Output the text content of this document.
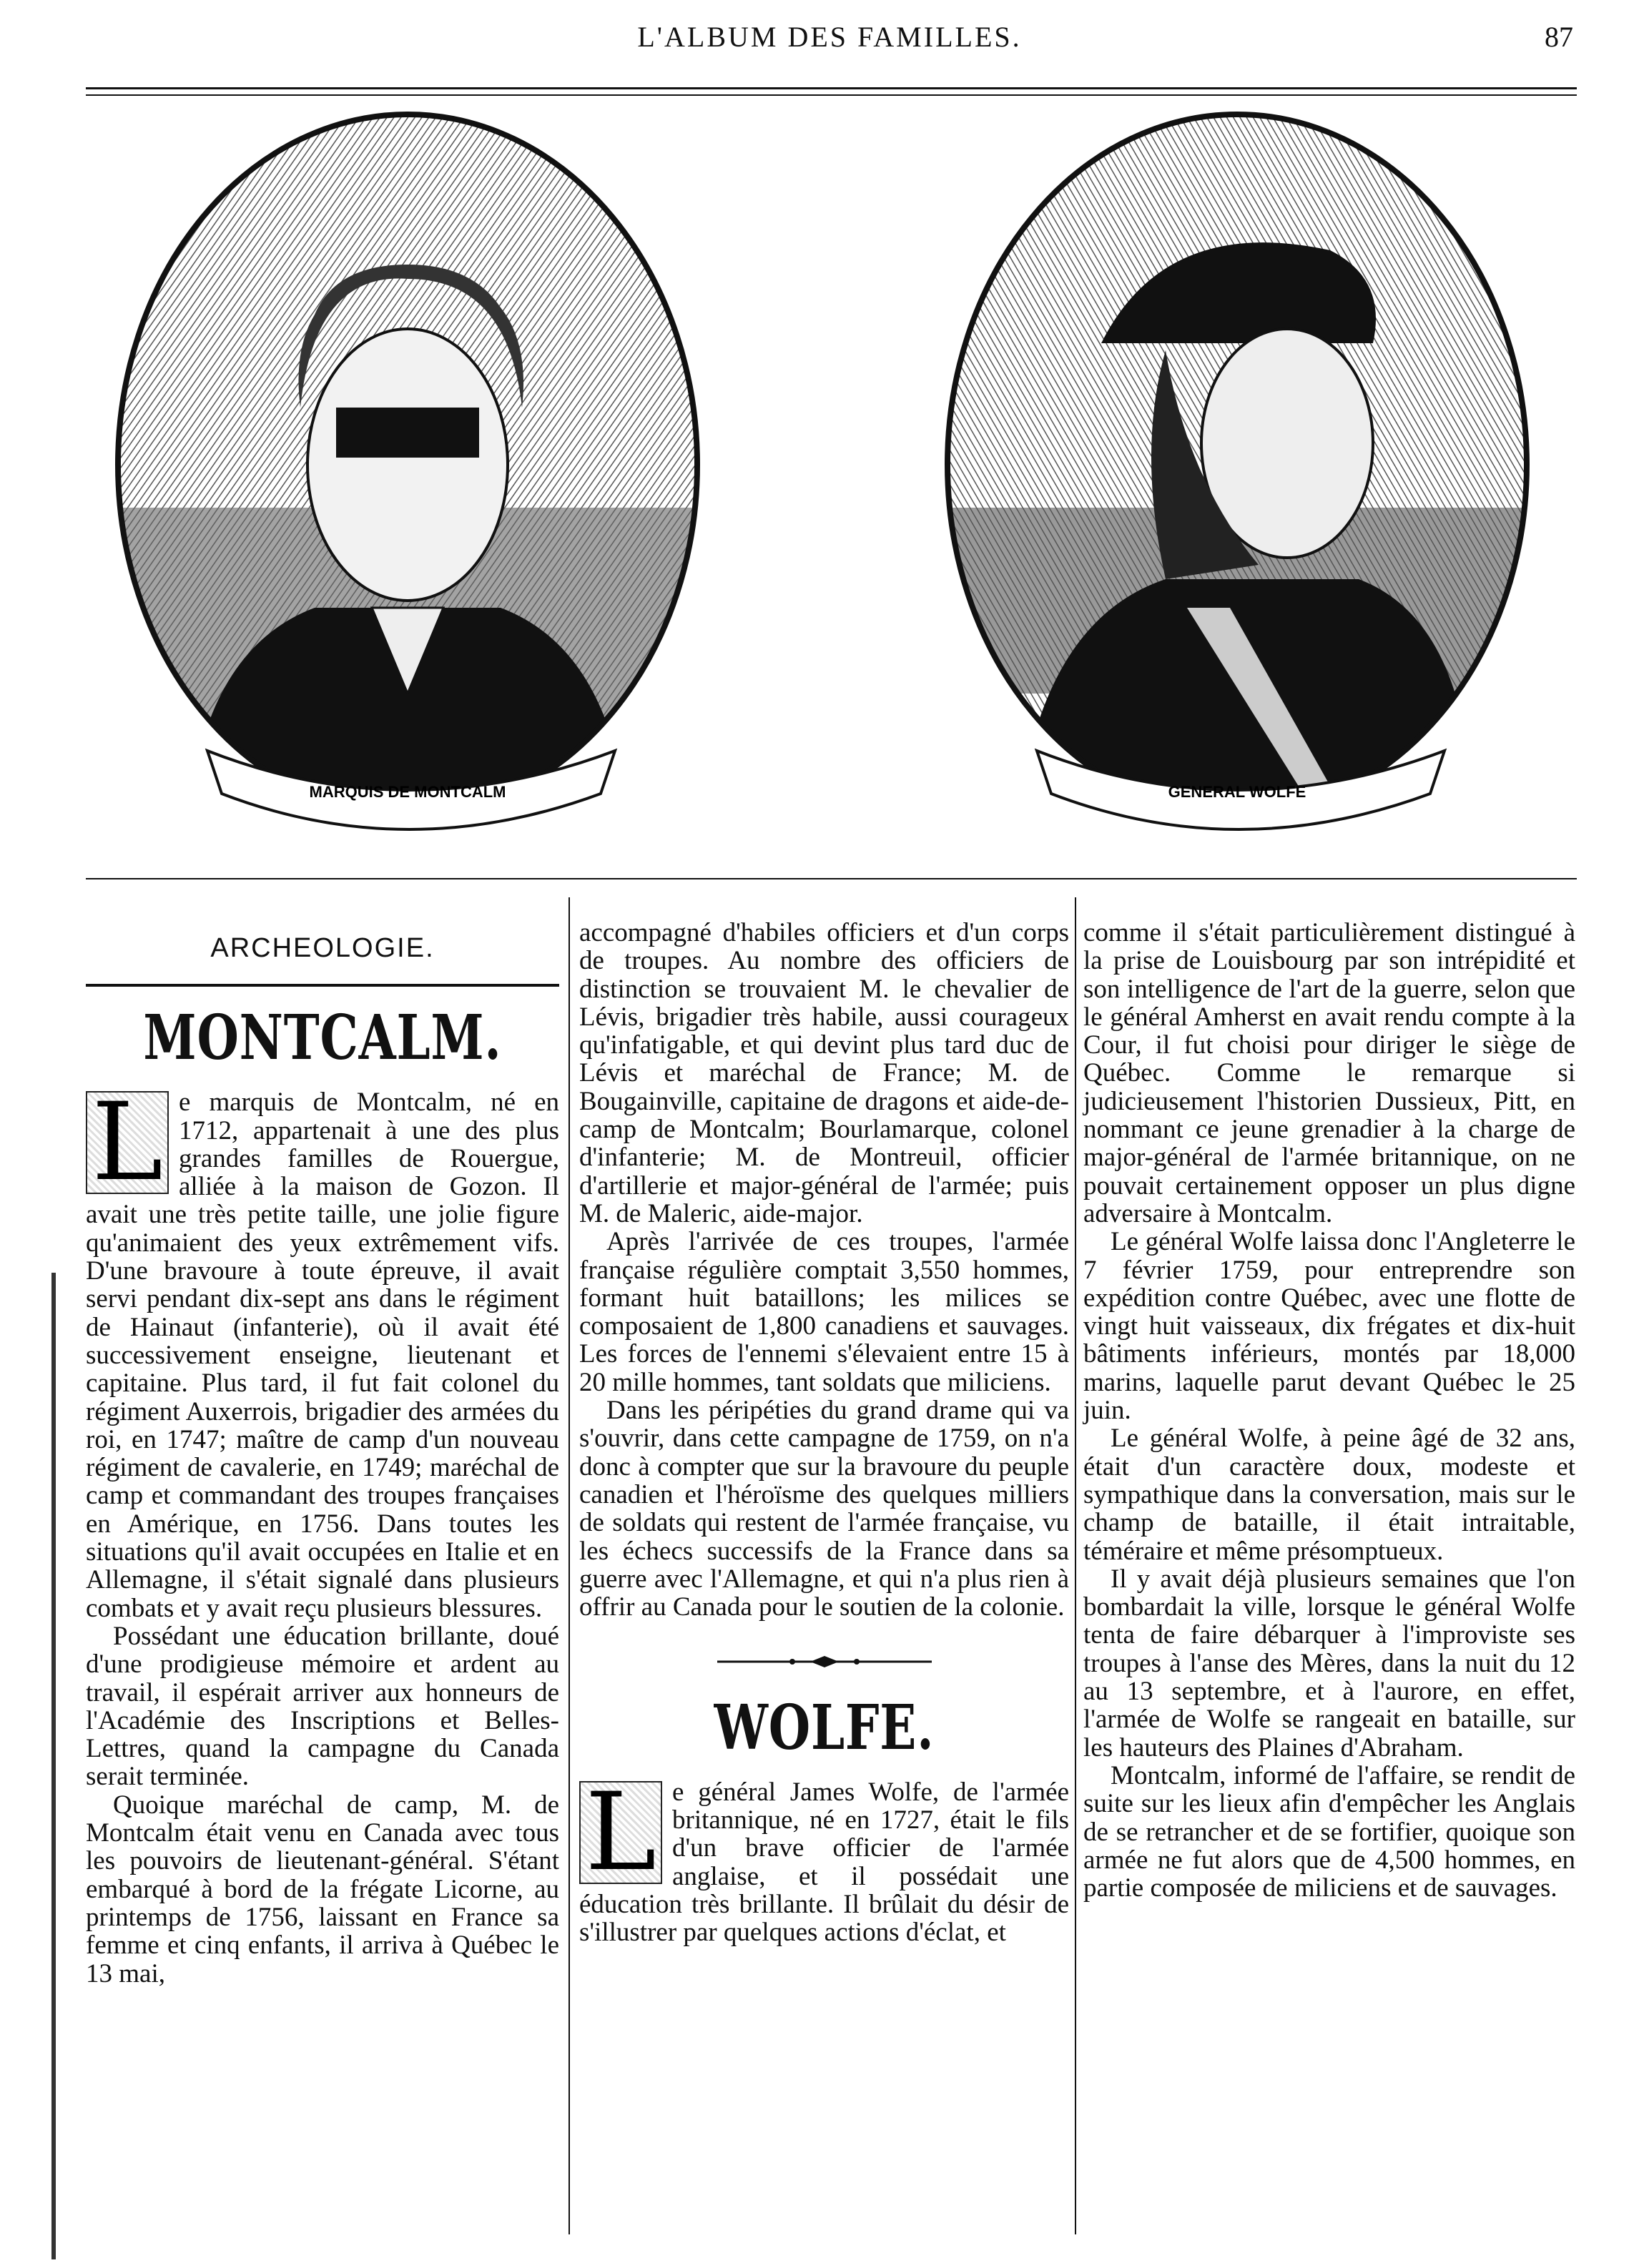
L'ALBUM DES FAMILLES.	87
MARQUIS DE MONTCALM	GENERAL WOLFE
ARCHEOLOGIE.
MONTCALM.

L e marquis de Montcalm, né en 1712, appartenait à une des plus grandes familles de Rouergue, alliée à la maison de Gozon. Il avait une très petite taille, une jolie figure qu'animaient des yeux extrêmement vifs. D'une bravoure à toute épreuve, il avait servi pendant dix-sept ans dans le régiment de Hainaut (infanterie), où il avait été successivement enseigne, lieutenant et capitaine. Plus tard, il fut fait colonel du régiment Auxerrois, brigadier des armées du roi, en 1747; maître de camp d'un nouveau régiment de cavalerie, en 1749; maréchal de camp et commandant des troupes françaises en Amérique, en 1756. Dans toutes les situations qu'il avait occupées en Italie et en Allemagne, il s'était signalé dans plusieurs combats et y avait reçu plusieurs blessures.

Possédant une éducation brillante, doué d'une prodigieuse mémoire et ardent au travail, il espérait arriver aux honneurs de l'Académie des Inscriptions et Belles-Lettres, quand la campagne du Canada serait terminée.

Quoique maréchal de camp, M. de Montcalm était venu en Canada avec tous les pouvoirs de lieutenant-général. S'étant embarqué à bord de la frégate Licorne, au printemps de 1756, laissant en France sa femme et cinq enfants, il arriva à Québec le 13 mai,

accompagné d'habiles officiers et d'un corps de troupes. Au nombre des officiers de distinction se trouvaient M. le chevalier de Lévis, brigadier très habile, aussi courageux qu'infatigable, et qui devint plus tard duc de Lévis et maréchal de France; M. de Bougainville, capitaine de dragons et aide-de-camp de Montcalm; Bourlamarque, colonel d'infanterie; M. de Montreuil, officier d'artillerie et major-général de l'armée; puis M. de Maleric, aide-major.

Après l'arrivée de ces troupes, l'armée française régulière comptait 3,550 hommes, formant huit bataillons; les milices se composaient de 1,800 canadiens et sauvages. Les forces de l'ennemi s'élevaient entre 15 à 20 mille hommes, tant soldats que miliciens.

Dans les péripéties du grand drame qui va s'ouvrir, dans cette campagne de 1759, on n'a donc à compter que sur la bravoure du peuple canadien et l'héroïsme des quelques milliers de soldats qui restent de l'armée française, vu les échecs successifs de la France dans sa guerre avec l'Allemagne, et qui n'a plus rien à offrir au Canada pour le soutien de la colonie.

WOLFE.

L e général James Wolfe, de l'armée britannique, né en 1727, était le fils d'un brave officier de l'armée anglaise, et il possédait une éducation très brillante. Il brûlait du désir de s'illustrer par quelques actions d'éclat, et

comme il s'était particulièrement distingué à la prise de Louisbourg par son intrépidité et son intelligence de l'art de la guerre, selon que le général Amherst en avait rendu compte à la Cour, il fut choisi pour diriger le siège de Québec. Comme le remarque si judicieusement l'historien Dussieux, Pitt, en nommant ce jeune grenadier à la charge de major-général de l'armée britannique, on ne pouvait certainement opposer un plus digne adversaire à Montcalm.

Le général Wolfe laissa donc l'Angleterre le 7 février 1759, pour entreprendre son expédition contre Québec, avec une flotte de vingt huit vaisseaux, dix frégates et dix-huit bâtiments inférieurs, montés par 18,000 marins, laquelle parut devant Québec le 25 juin.

Le général Wolfe, à peine âgé de 32 ans, était d'un caractère doux, modeste et sympathique dans la conversation, mais sur le champ de bataille, il était intraitable, téméraire et même présomptueux.

Il y avait déjà plusieurs semaines que l'on bombardait la ville, lorsque le général Wolfe tenta de faire débarquer à l'improviste ses troupes à l'anse des Mères, dans la nuit du 12 au 13 septembre, et à l'aurore, en effet, l'armée de Wolfe se rangeait en bataille, sur les hauteurs des Plaines d'Abraham.

Montcalm, informé de l'affaire, se rendit de suite sur les lieux afin d'empêcher les Anglais de se retrancher et de se fortifier, quoique son armée ne fut alors que de 4,500 hommes, en partie composée de miliciens et de sauvages.
